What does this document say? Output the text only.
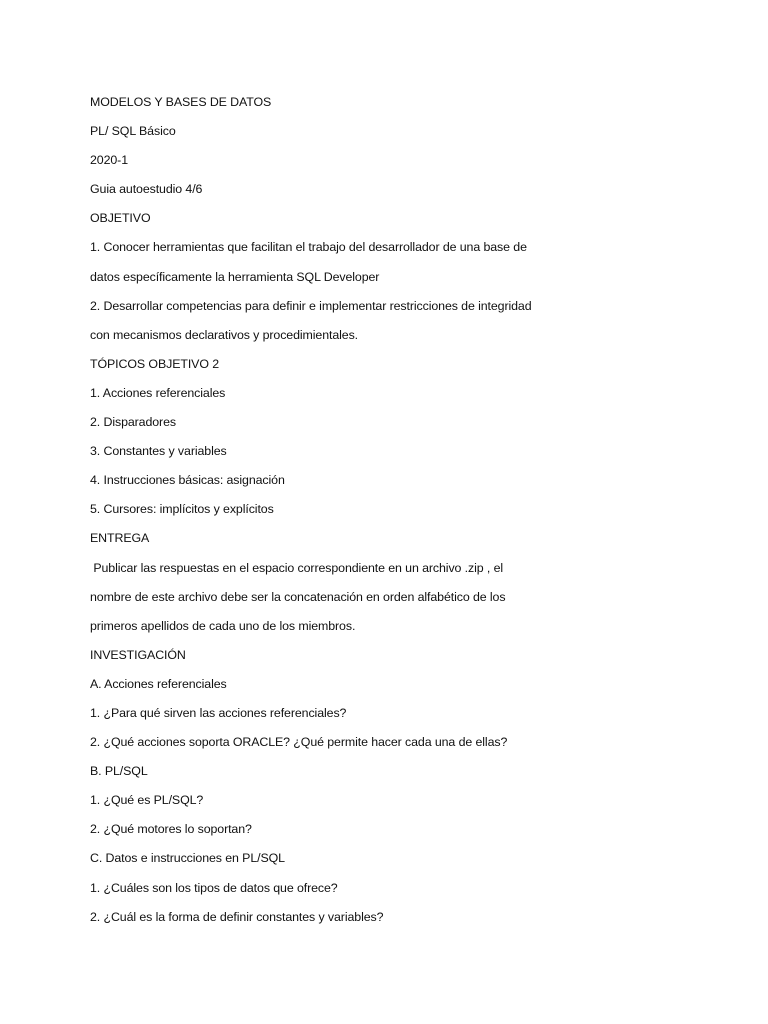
MODELOS Y BASES DE DATOS
PL/ SQL Básico
2020-1
Guia autoestudio 4/6
OBJETIVO
1. Conocer herramientas que facilitan el trabajo del desarrollador de una base de
datos específicamente la herramienta SQL Developer
2. Desarrollar competencias para definir e implementar restricciones de integridad
con mecanismos declarativos y procedimientales.
TÓPICOS OBJETIVO 2
1. Acciones referenciales
2. Disparadores
3. Constantes y variables
4. Instrucciones básicas: asignación
5. Cursores: implícitos y explícitos
ENTREGA
Publicar las respuestas en el espacio correspondiente en un archivo .zip , el
nombre de este archivo debe ser la concatenación en orden alfabético de los
primeros apellidos de cada uno de los miembros.
INVESTIGACIÓN
A. Acciones referenciales
1. ¿Para qué sirven las acciones referenciales?
2. ¿Qué acciones soporta ORACLE? ¿Qué permite hacer cada una de ellas?
B. PL/SQL
1. ¿Qué es PL/SQL?
2. ¿Qué motores lo soportan?
C. Datos e instrucciones en PL/SQL
1. ¿Cuáles son los tipos de datos que ofrece?
2. ¿Cuál es la forma de definir constantes y variables?
